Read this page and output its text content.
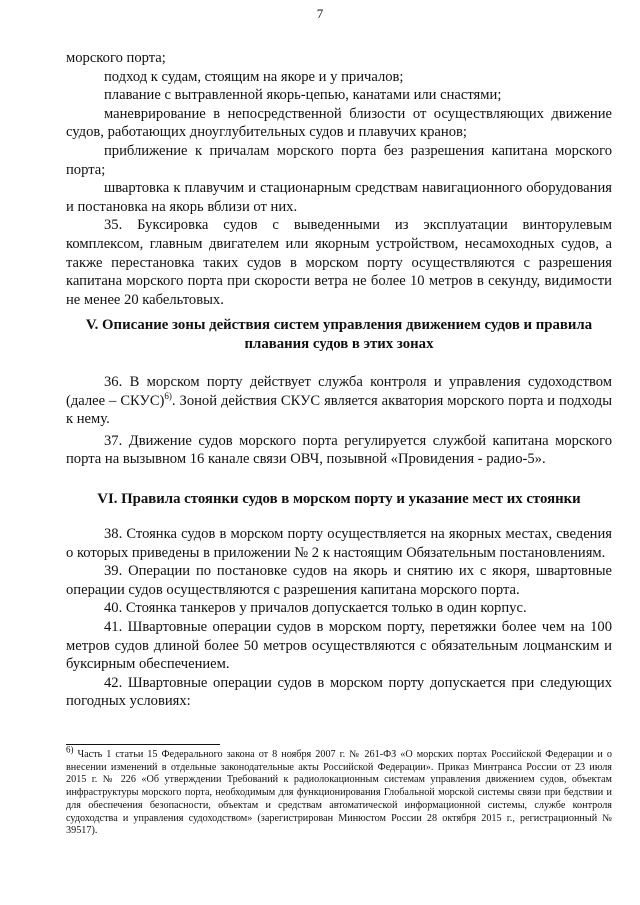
7

морского порта;

подход к судам, стоящим на якоре и у причалов;

плавание с вытравленной якорь-цепью, канатами или снастями;

маневрирование в непосредственной близости от осуществляющих движение судов, работающих дноуглубительных судов и плавучих кранов;

приближение к причалам морского порта без разрешения капитана морского порта;

швартовка к плавучим и стационарным средствам навигационного оборудования и постановка на якорь вблизи от них.

35. Буксировка судов с выведенными из эксплуатации винторулевым комплексом, главным двигателем или якорным устройством, несамоходных судов, а также перестановка таких судов в морском порту осуществляются с разрешения капитана морского порта при скорости ветра не более 10 метров в секунду, видимости не менее 20 кабельтовых.

V. Описание зоны действия систем управления движением судов и правила плавания судов в этих зонах

36. В морском порту действует служба контроля и управления судоходством (далее – СКУС)$^{6)}$. Зоной действия СКУС является акватория морского порта и подходы к нему.

37. Движение судов морского порта регулируется службой капитана морского порта на вызывном 16 канале связи ОВЧ, позывной «Провидения - радио-5».

VI. Правила стоянки судов в морском порту и указание мест их стоянки

38. Стоянка судов в морском порту осуществляется на якорных местах, сведения о которых приведены в приложении № 2 к настоящим Обязательным постановлениям.

39. Операции по постановке судов на якорь и снятию их с якоря, швартовные операции судов осуществляются с разрешения капитана морского порта.

40. Стоянка танкеров у причалов допускается только в один корпус.

41. Швартовные операции судов в морском порту, перетяжки более чем на 100 метров судов длиной более 50 метров осуществляются с обязательным лоцманским и буксирным обеспечением.

42. Швартовные операции судов в морском порту допускается при следующих погодных условиях:

$^{6)}$ Часть 1 статьи 15 Федерального закона от 8 ноября 2007 г. № 261-ФЗ «О морских портах Российской Федерации и о внесении изменений в отдельные законодательные акты Российской Федерации». Приказ Минтранса России от 23 июля 2015 г. № 226 «Об утверждении Требований к радиолокационным системам управления движением судов, объектам инфраструктуры морского порта, необходимым для функционирования Глобальной морской системы связи при бедствии и для обеспечения безопасности, объектам и средствам автоматической информационной системы, службе контроля судоходства и управления судоходством» (зарегистрирован Минюстом России 28 октября 2015 г., регистрационный № 39517).
